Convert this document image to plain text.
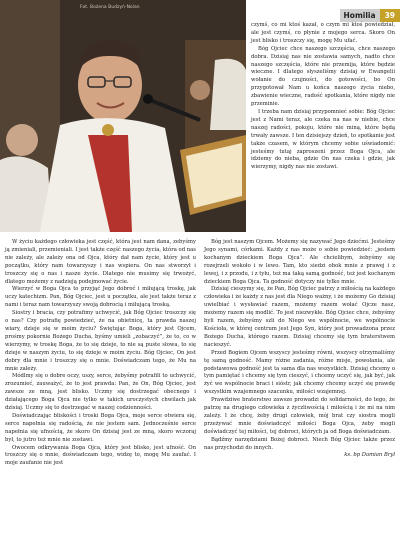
Fot. Bożena Budzyń-Nolan
Homilia	39

czymś, co mi ktoś kazał, o czym mi ktoś powiedział, ale jest czymś, co płynie z mojego serca. Skoro On jest blisko i troszczy się, mogę Mu ufać.

Bóg Ojciec chce naszego szczęścia, chce naszego dobra. Dzisiaj nas nie zostawia samych, nadto chce naszego szczęścia, które nie przemija, które będzie wieczne. I dlatego słyszeliśmy dzisiaj w Ewangelii wołanie do czujności, do gotowości, bo On przygotował Nam u końca naszego życia niebo, zbawienie wieczne, radość spotkania, które nigdy nie przeminie.

I trzeba nam dzisiaj przypomnieć sobie: Bóg Ojciec jest z Nami teraz, ale czeka na nas w niebie, chce naszej radości, pokoju, które nie miną, które będą trwały zawsze. I ten dzisiejszy dzień, to spotkanie jest także czasem, w którym chcemy sobie uświadomić: jesteśmy tutaj zaproszeni przez Boga Ojca, ale idziemy do nieba, gdzie On nas czeka i gdzie, jak wierzymy, nigdy nas nie zostawi.

W życiu każdego człowieka jest część, która jest nam dana, zebyśmy ją zmieniali, przemieniali. I jest także część naszego życia, która od nas nie zależy, ale zależy ona od Ojca, który dał nam życie, który jest u początku, który nam towarzyszy i nas wspiera. On nas stworzył i troszczy się o nas i nasze życie. Dlatego nie musimy się trwożyć, dlatego możemy z nadzieją podejmować życie.

Wierzyć w Boga Ojca to przyjąć Jego dobroć i miłującą troskę, jak uczy katechizm. Pan, Bóg Ojciec, jest u początku, ale jest także teraz z nami i teraz nam towarzyszy swoją dobrocią i miłującą troską.

Siostry i bracia, czy potrafimy uchwycić, jak Bóg Ojciec troszczy się o nas? Czy potrafię powiedzieć, że na obietnicę, ta prawda naszej wiary, dzieje się w moim życiu? Świętując Boga, który jest Ojcem, prośmy pokornie Bożego Ducha, byśmy umieli „zobaczyć”, że to, co w wierzymy, w troskę Boga, że to się dzieje, to nie są puste słowa, to się dzieje w naszym życiu, to się dzieje w moim życiu. Bóg Ojciec, On jest dobry dla mnie i troszczy się o mnie. Doświadczam tego, że Mu na mnie zależy.

Módlmy się o dobre oczy, uszy, serce, żebyśmy potrafili to uchwycić, zrozumieć, zauważyć, że to jest prawda: Pan, że On, Bóg Ojciec, jest zawsze ze mną, jest blisko. Uczmy się dostrzegać obecnego i działającego Boga Ojca nie tylko w takich uroczystych chwilach jak dzisiaj. Uczmy się to dostrzegać w naszej codzienności.

Doświadczając bliskości i troski Boga Ojca, moje serce otwiera się, serce napełnia się radością, że nie jestem sam. Jednocześnie serce napełnia się ufnością, że skoro On dzisiaj jest ze mną, skoro wczoraj był, to jutro też mnie nie zostawi.

Owocem odkrywania Boga Ojca, który jest blisko, jest ufność. On troszczy się o mnie, doświadczam tego, widzę to, mogę Mu zaufać. I moje zaufanie nie jest

Bóg jest naszym Ojcem. Możemy się nazywać Jego dziećmi. Jesteśmy Jego synami, córkami. Każdy z nas może o sobie powiedzieć: „jestem kochanym dzieckiem Boga Ojca”. Ale chcielibym, żebyśmy się rozejrzeli wokoło i w lewo. Tam, kto siedzi obok mnie z prawej i z lewej, i z przodu, i z tyłu, też ma taką samą godność, też jest kochanym dzieckiem Boga Ojca. Ta godność dotyczy nie tylko mnie.

Dzisiaj cieszymy się, że Pan, Bóg Ojciec patrzy z miłością na każdego człowieka i że każdy z nas jest dla Niego ważny, i że możemy Go dzisiaj uwielbiać i wysławiać razem, możemy razem wołać Ojcze nasz, możemy razem się modlić. To jest niezwykłe. Bóg Ojciec chce, żebyśmy byli razem, żebyśmy szli do Niego we wspólnocie, we wspólnocie Kościoła, w której centrum jest Jego Syn, który jest prowadzona przez Bożego Ducha, którego razem. Dzisiaj chcemy się tym braterstwem nacieszyć.

Przed Bogiem Ojcem wszyscy jesteśmy równi, wszyscy otrzymaliśmy tę samą godność. Mamy różne zadania, różne misje, powołania, ale podstawowa godność jest ta sama dla nas wszystkich. Dzisiaj chcemy o tym pamiętać i chcemy się tym cieszyć, i chcemy uczyć się, jak być, jak żyć we wspólnocie braci i sióstr, jak chcemy chcemy uczyć się prawdę wszystkim wzajemnego szacunku, miłości wzajemnej.

Prawdziwe braterstwo zawsze prowadzi do solidarności, do tego, że patrzę na drugiego człowieka z życzliwością i miłością i że mi na nim zależy. I że chcę, żeby drugi człowiek, mój brat czy siostra mogli przeżywać mnie doświadczyć miłości Boga Ojca, żeby mogli doświadczyć tej miłości, tej dobroci, których ja od Boga doświadczam.

Bądźmy narzędziami Bożej dobroci. Niech Bóg Ojciec także przez nas przychodzi do innych.

ks. bp Damian Bryl
